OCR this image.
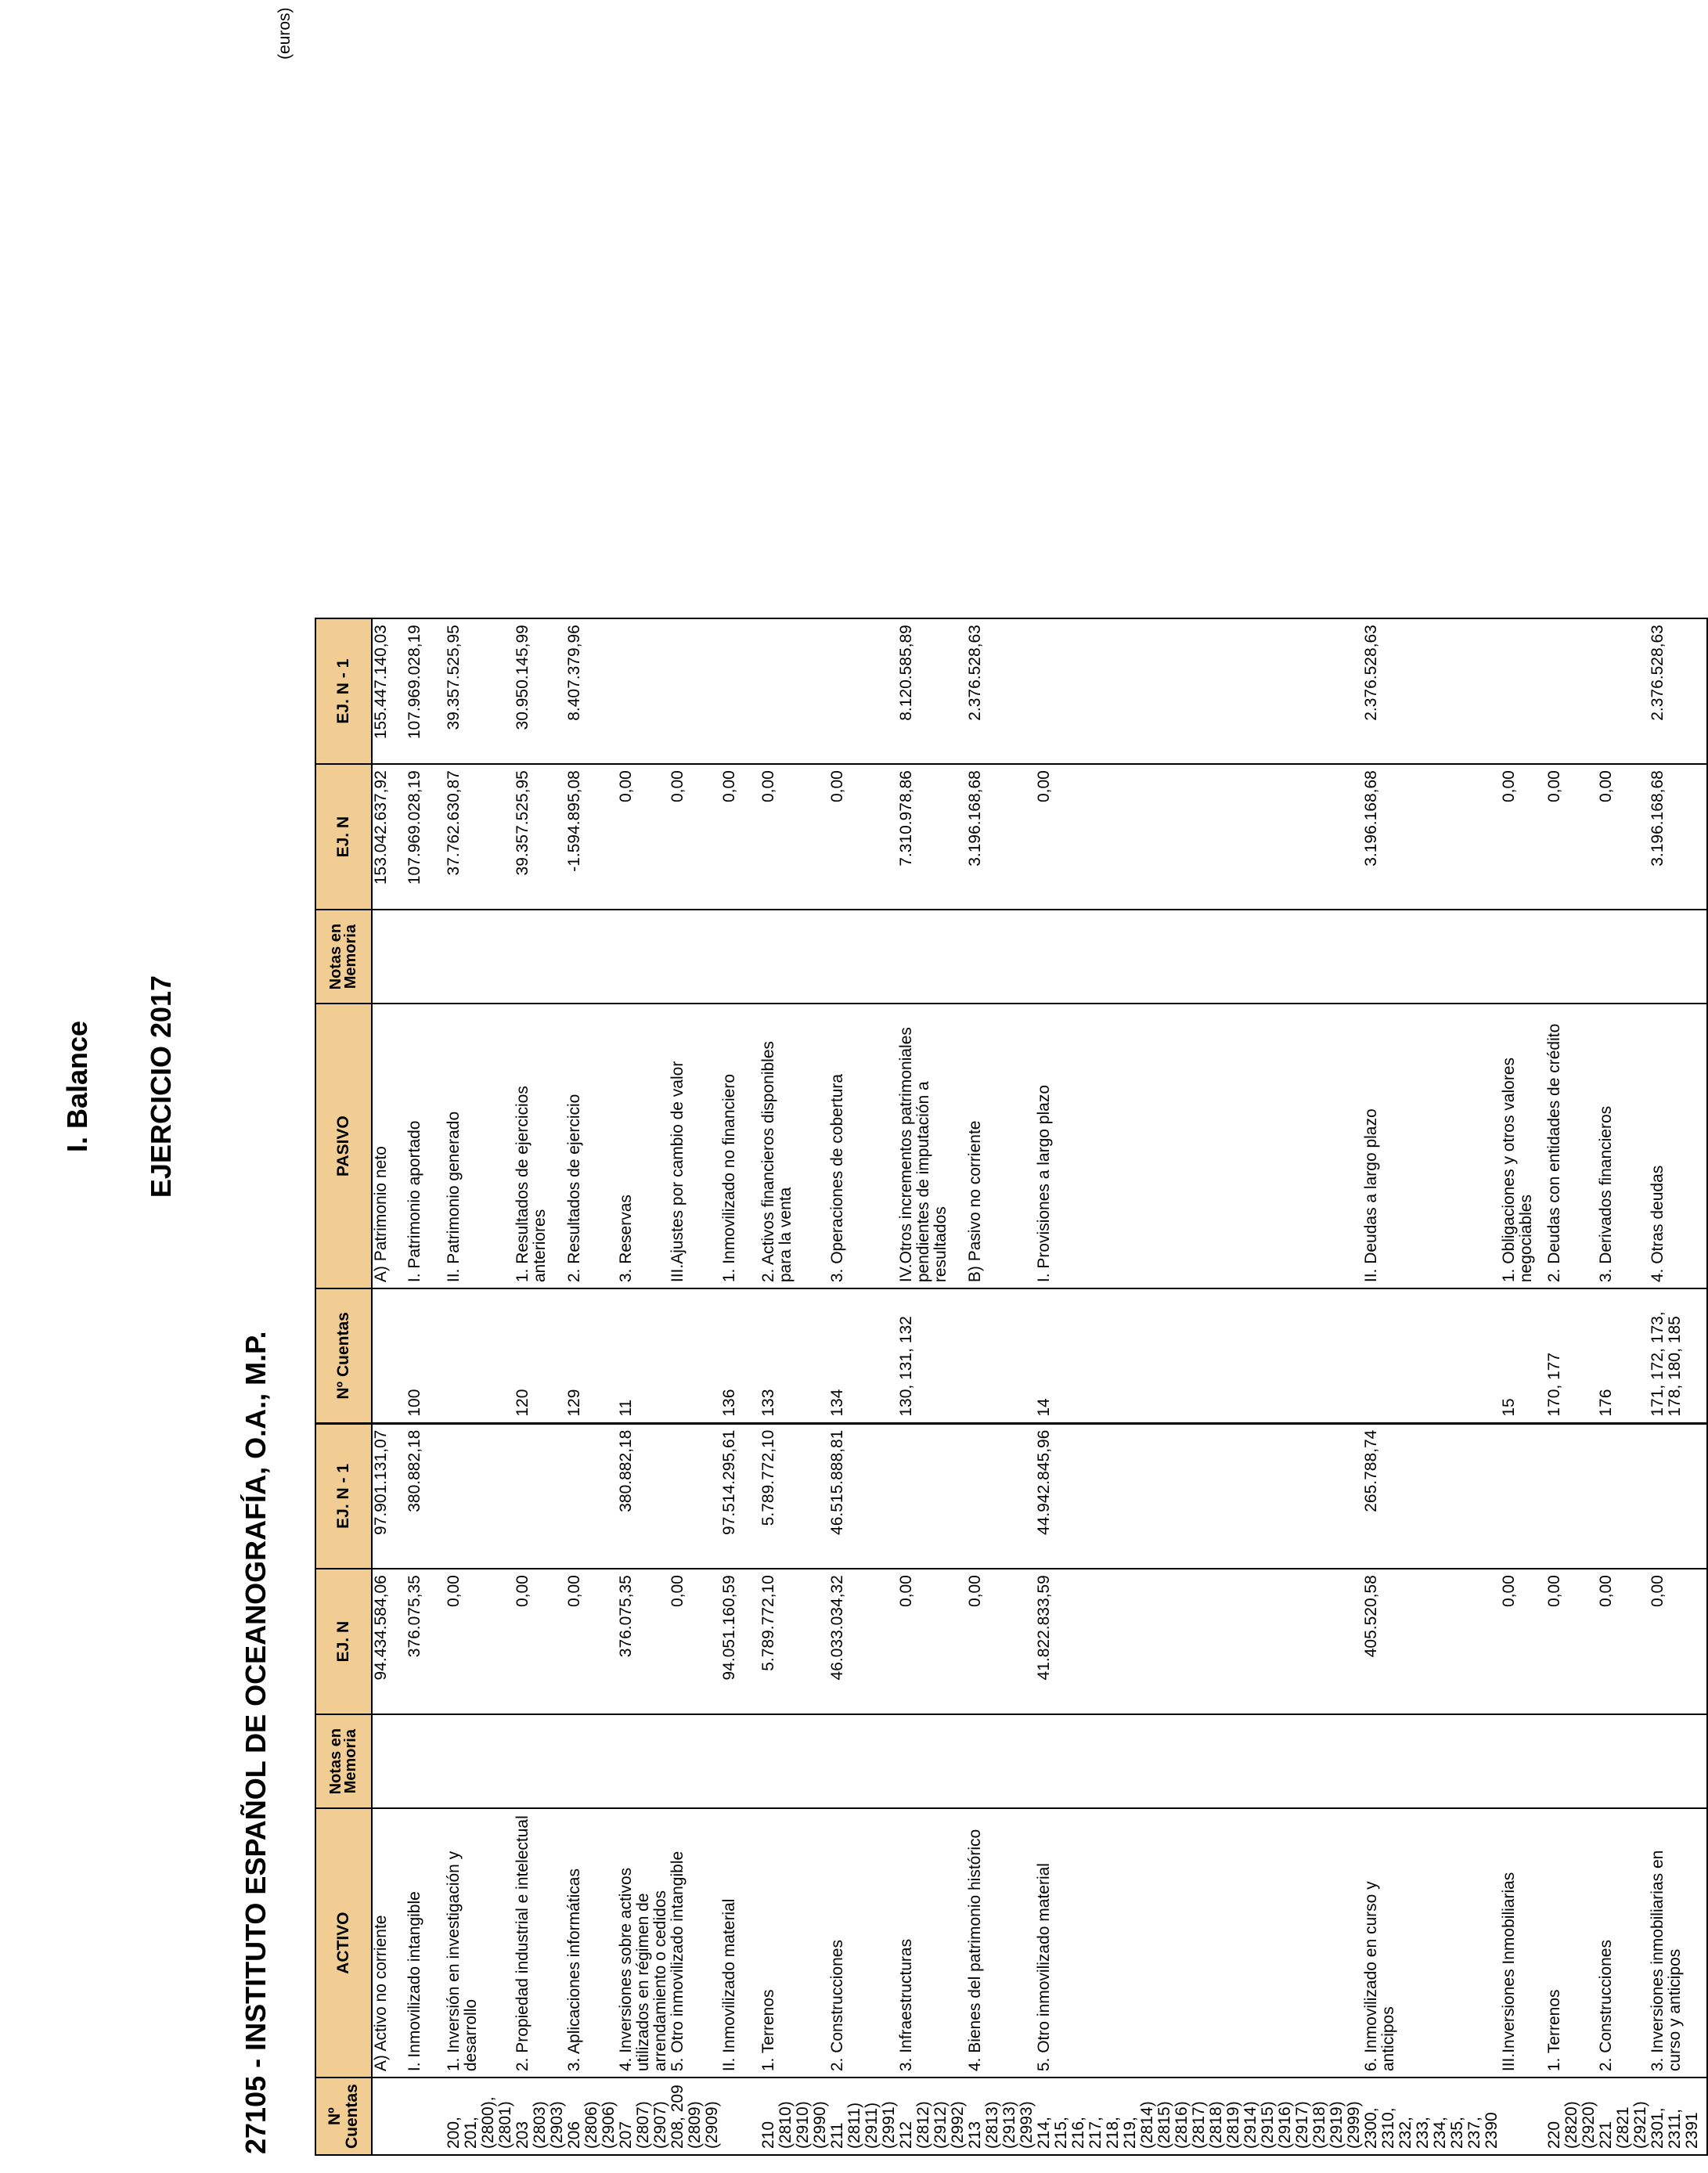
I. Balance EJERCICIO 2017
27105 - INSTITUTO ESPAÑOL DE OCEANOGRAFÍA, O.A., M.P.
(euros)
Nº Cuentas	ACTIVO	Notas en Memoria	EJ. N	EJ. N - 1	Nº Cuentas	PASIVO	Notas en Memoria	EJ. N	EJ. N - 1
	A) Activo no corriente		94.434.584,06	97.901.131,07		A) Patrimonio neto		153.042.637,92	155.447.140,03
	I. Inmovilizado intangible		376.075,35	380.882,18	100	I. Patrimonio aportado		107.969.028,19	107.969.028,19
200, 201, (2800), (2801)	1. Inversión en investigación y desarrollo		0,00			II. Patrimonio generado		37.762.630,87	39.357.525,95
203 (2803) (2903)	2. Propiedad industrial e intelectual		0,00		120	1. Resultados de ejercicios anteriores		39.357.525,95	30.950.145,99
206 (2806) (2906)	3. Aplicaciones informáticas		0,00		129	2. Resultados de ejercicio		-1.594.895,08	8.407.379,96
207 (2807) (2907)	4. Inversiones sobre activos utilizados en régimen de arrendamiento o cedidos		376.075,35	380.882,18	11	3. Reservas		0,00	
208, 209 (2809) (2909)	5. Otro inmovilizado intangible		0,00			III.Ajustes por cambio de valor		0,00	
	II. Inmovilizado material		94.051.160,59	97.514.295,61	136	1. Inmovilizado no financiero		0,00	
210 (2810) (2910) (2990)	1. Terrenos		5.789.772,10	5.789.772,10	133	2. Activos financieros disponibles para la venta		0,00	
211 (2811) (2911) (2991)	2. Construcciones		46.033.034,32	46.515.888,81	134	3. Operaciones de cobertura		0,00	
212 (2812) (2912) (2992)	3. Infraestructuras		0,00		130, 131, 132	IV.Otros incrementos patrimoniales pendientes de imputación a resultados		7.310.978,86	8.120.585,89
213 (2813) (2913) (2993)	4. Bienes del patrimonio histórico		0,00			B) Pasivo no corriente		3.196.168,68	2.376.528,63
214, 215, 216, 217, 218, 219, (2814) (2815) (2816) (2817) (2818) (2819) (2914) (2915) (2916) (2917) (2918) (2919) (2999)	5. Otro inmovilizado material		41.822.833,59	44.942.845,96	14	I. Provisiones a largo plazo		0,00	
2300, 2310, 232, 233, 234, 235, 237, 2390	6. Inmovilizado en curso y anticipos		405.520,58	265.788,74		II. Deudas a largo plazo		3.196.168,68	2.376.528,63
	III.Inversiones Inmobiliarias		0,00		15	1. Obligaciones y otros valores negociables		0,00	
220 (2820) (2920)	1. Terrenos		0,00		170, 177	2. Deudas con entidades de crédito		0,00	
221 (2821 (2921)	2. Construcciones		0,00		176	3. Derivados financieros		0,00	
2301, 2311, 2391	3. Inversiones inmobiliarias en curso y anticipos		0,00		171, 172, 173, 178, 180, 185	4. Otras deudas		3.196.168,68	2.376.528,63
